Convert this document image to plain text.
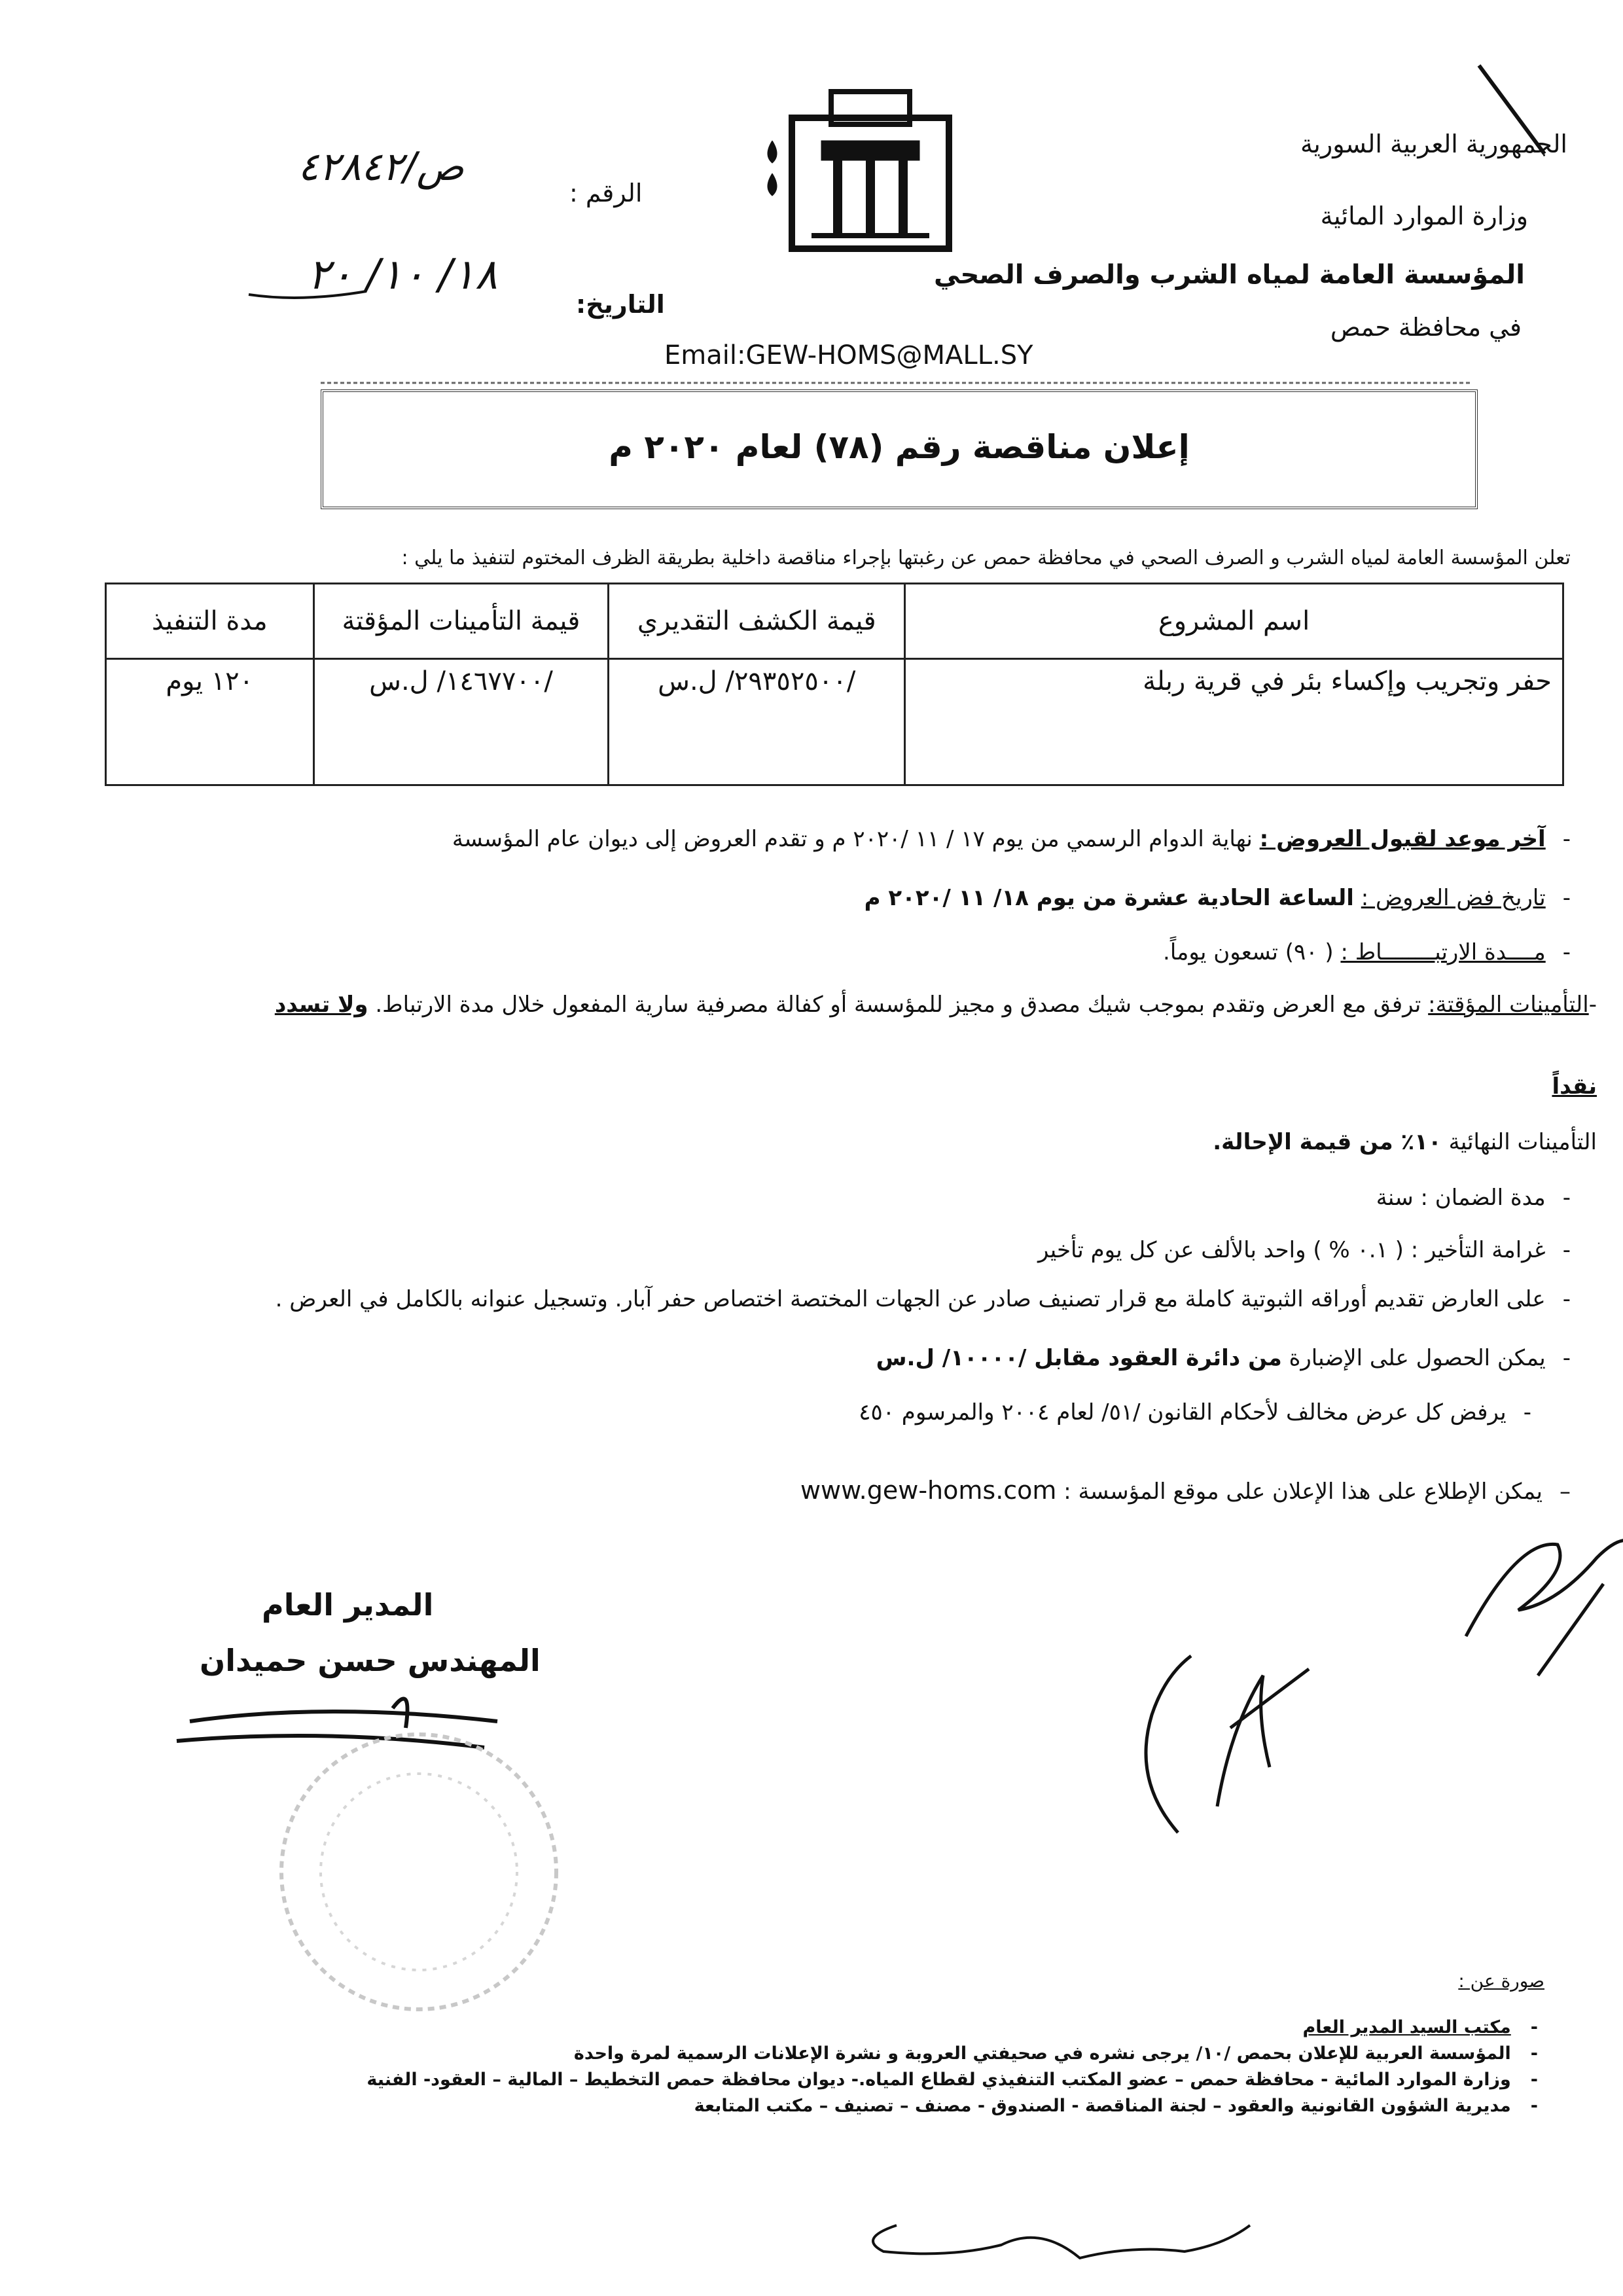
الجمهورية العربية السورية
وزارة الموارد المائية
المؤسسة العامة لمياه الشرب والصرف الصحي
في محافظة حمص
الرقم :
ص/٤٢٨٤٢
التاريخ:
١٨/ ١٠/ ٢٠
Email:GEW-HOMS@MALL.SY
إعلان مناقصة رقم (٧٨) لعام ٢٠٢٠ م
تعلن المؤسسة العامة لمياه الشرب و الصرف الصحي في محافظة حمص عن رغبتها بإجراء مناقصة داخلية بطريقة الظرف المختوم لتنفيذ ما يلي :
اسم المشروع	قيمة الكشف التقديري	قيمة التأمينات المؤقتة	مدة التنفيذ
حفر وتجريب وإكساء بئر في قرية ربلة	/٢٩٣٥٢٥٠٠/ ل.س	/١٤٦٧٧٠٠/ ل.س	١٢٠ يوم
-آخر موعد لقبول العروض : نهاية الدوام الرسمي من يوم ١٧ / ١١ /٢٠٢٠ م و تقدم العروض إلى ديوان عام المؤسسة
-تاريخ فض العروض : الساعة الحادية عشرة من يوم ١٨/ ١١ /٢٠٢٠ م
-مــــدة الارتبــــــــاط : ( ٩٠) تسعون يوماً.
-التأمينات المؤقتة: ترفق مع العرض وتقدم بموجب شيك مصدق و مجيز للمؤسسة أو كفالة مصرفية سارية المفعول خلال مدة الارتباط. ولا تسدد
نقداً
التأمينات النهائية ١٠٪ من قيمة الإحالة.
-مدة الضمان : سنة
-غرامة التأخير : ( ٠.١ % ) واحد بالألف عن كل يوم تأخير
-على العارض تقديم أوراقه الثبوتية كاملة مع قرار تصنيف صادر عن الجهات المختصة اختصاص حفر آبار. وتسجيل عنوانه بالكامل في العرض .
-يمكن الحصول على الإضبارة من دائرة العقود مقابل /١٠٠٠٠/ ل.س
-يرفض كل عرض مخالف لأحكام القانون /٥١/ لعام ٢٠٠٤ والمرسوم ٤٥٠
–يمكن الإطلاع على هذا الإعلان على موقع المؤسسة : www.gew-homs.com
المدير العام
المهندس حسن حميدان
صورة عن :
-مكتب السيد المدير العام
-المؤسسة العربية للإعلان بحمص /١٠/ يرجى نشره في صحيفتي العروبة و نشرة الإعلانات الرسمية لمرة واحدة
-وزارة الموارد المائية - محافظة حمص – عضو المكتب التنفيذي لقطاع المياه.- ديوان محافظة حمص التخطيط – المالية – العقود- الفنية
-مديرية الشؤون القانونية والعقود – لجنة المناقصة - الصندوق - مصنف – تصنيف – مكتب المتابعة
